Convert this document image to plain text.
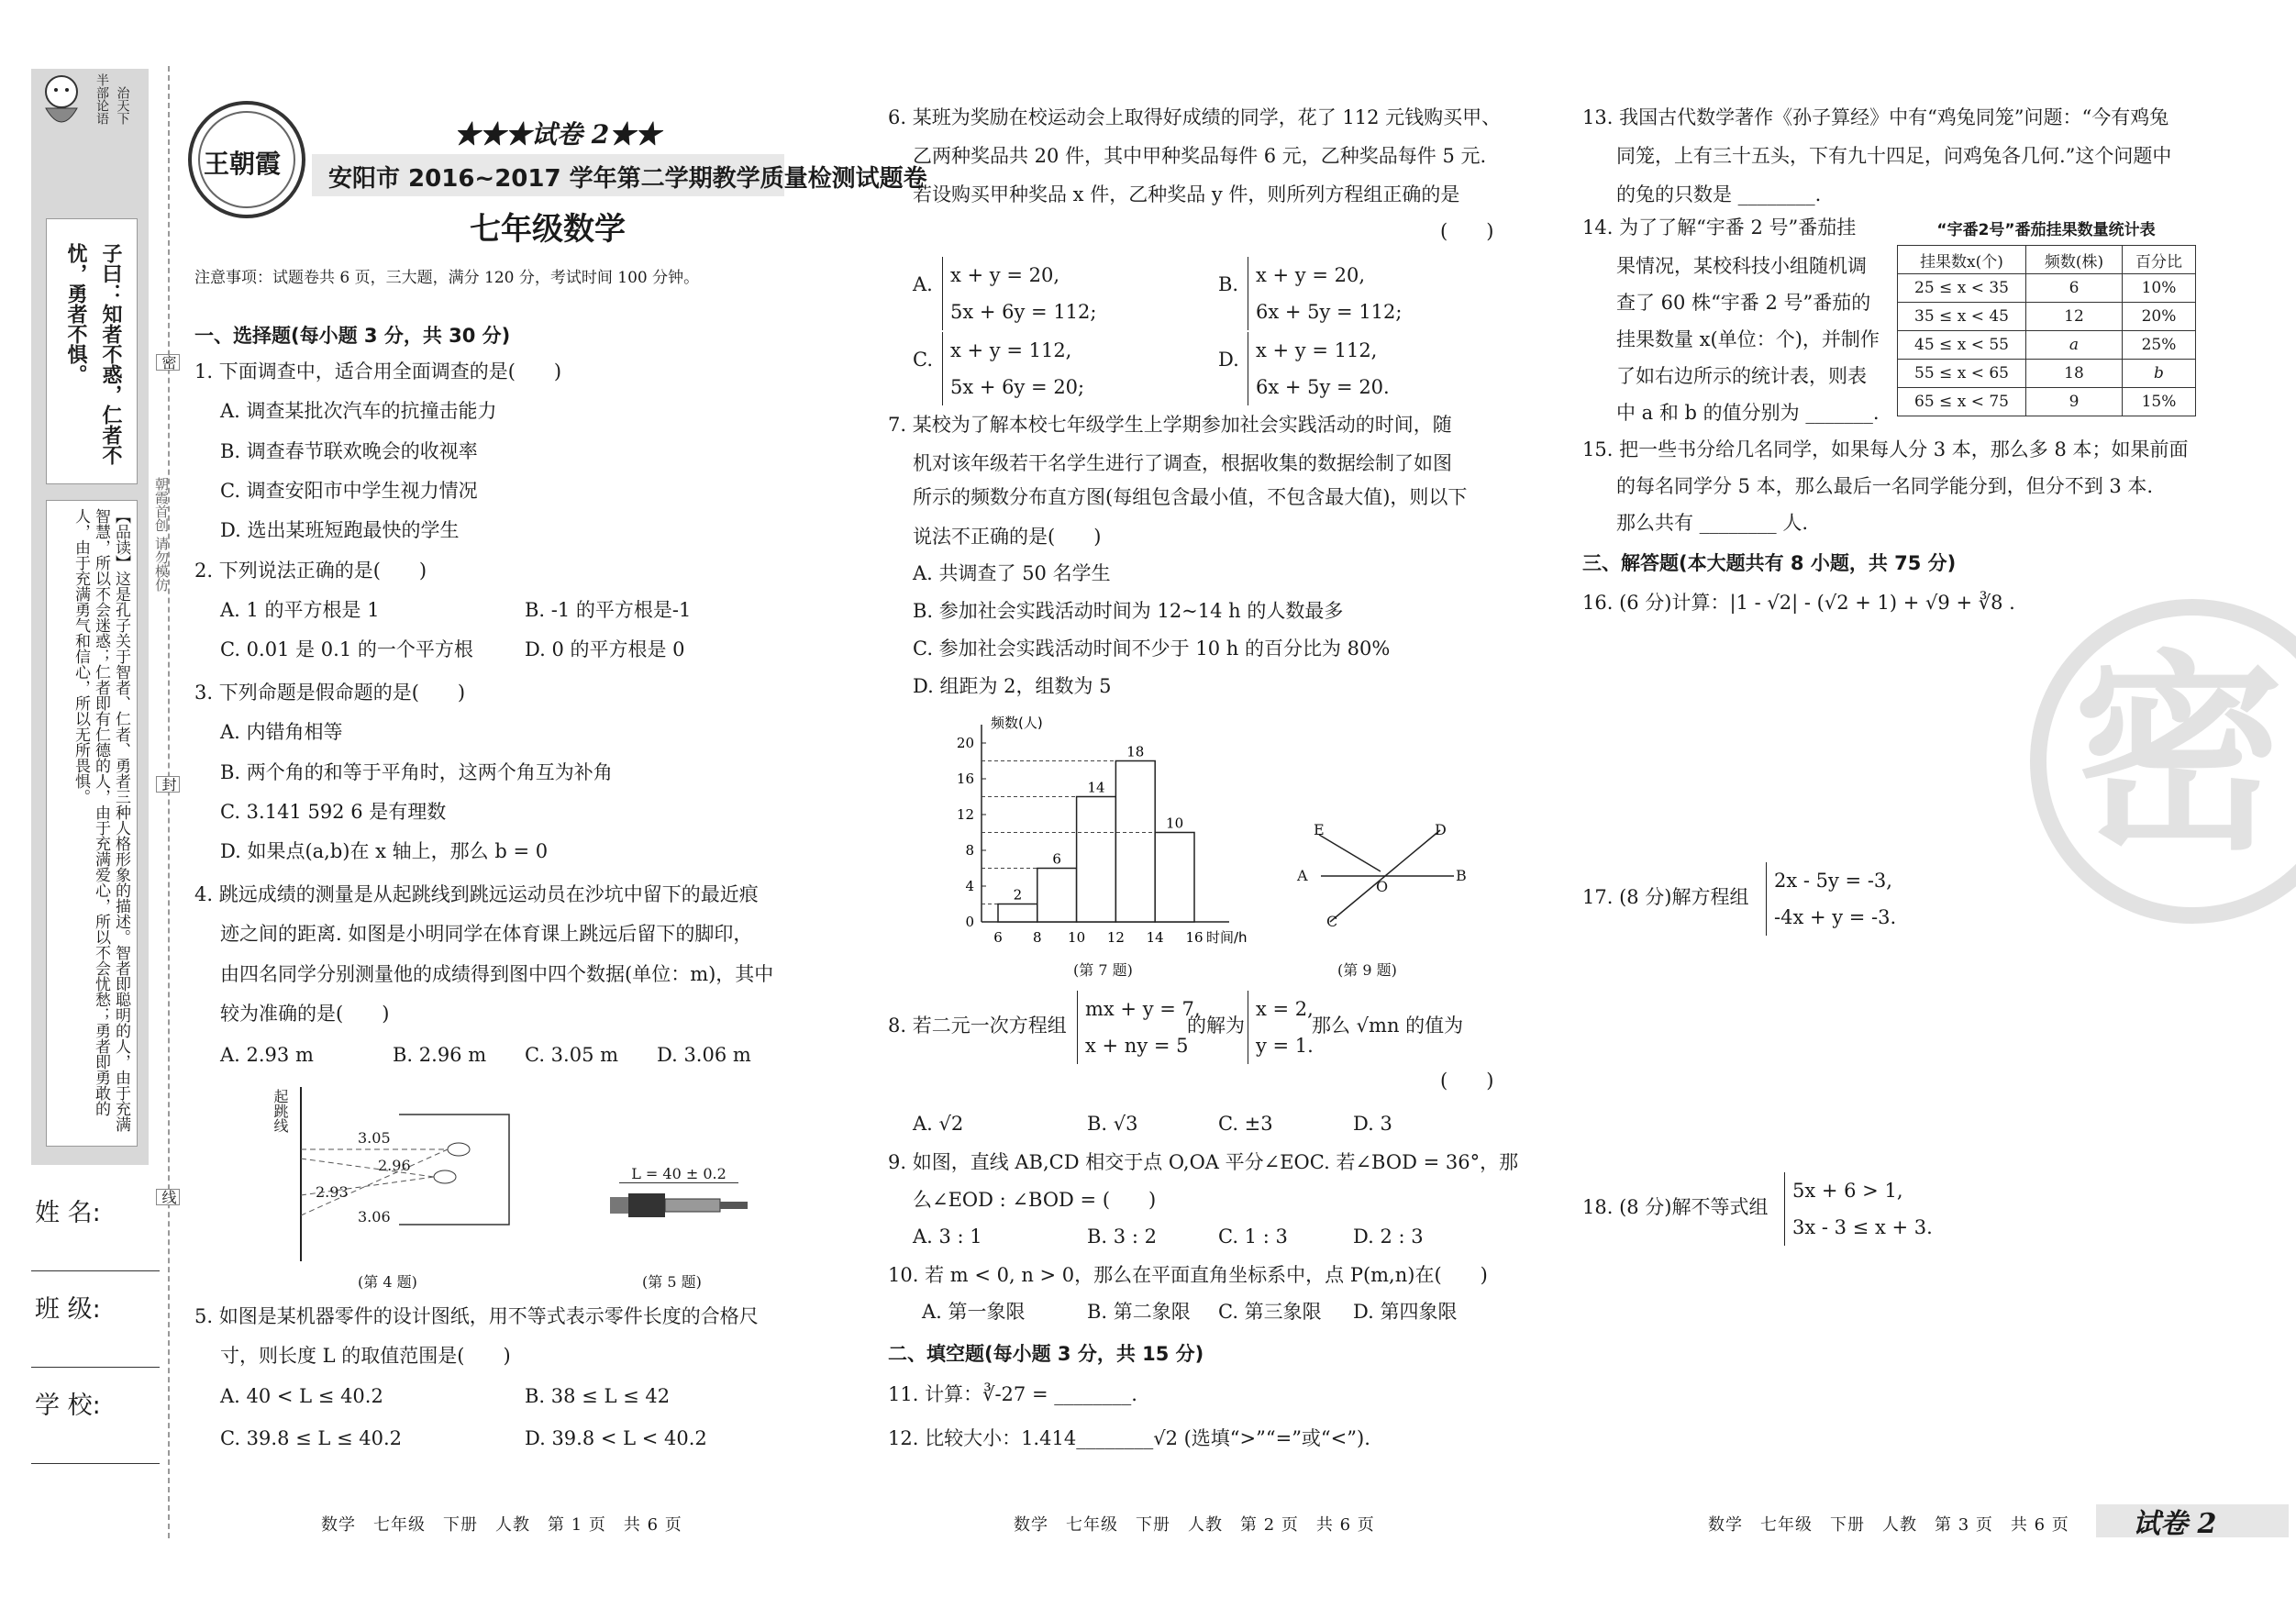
半部论语 治天下
子曰：知者不惑，仁者不
忧，勇者不惧。
【品读】这是孔子关于智者、仁者、勇者三种人格形象的描述。智者即聪明的人，由于充满智慧，所以不会迷惑；仁者即有仁德的人，由于充满爱心，所以不会忧愁；勇者即勇敢的人，由于充满勇气和信心，所以无所畏惧。
姓 名:
班 级:
学 校:
密
封
线
朝霞首创 请勿模仿
王朝霞
★★★试卷 2★★
安阳市 2016~2017 学年第二学期教学质量检测试题卷
七年级数学
注意事项：试题卷共 6 页，三大题，满分 120 分，考试时间 100 分钟。
一、选择题(每小题 3 分，共 30 分)
1. 下面调查中，适合用全面调查的是(　　)
A. 调查某批次汽车的抗撞击能力
B. 调查春节联欢晚会的收视率
C. 调查安阳市中学生视力情况
D. 选出某班短跑最快的学生
2. 下列说法正确的是(　　)
A. 1 的平方根是 1	B. -1 的平方根是-1
C. 0.01 是 0.1 的一个平方根	D. 0 的平方根是 0
3. 下列命题是假命题的是(　　)
A. 内错角相等
B. 两个角的和等于平角时，这两个角互为补角
C. 3.141 592 6 是有理数
D. 如果点(a,b)在 x 轴上，那么 b = 0
4. 跳远成绩的测量是从起跳线到跳远运动员在沙坑中留下的最近痕
迹之间的距离. 如图是小明同学在体育课上跳远后留下的脚印，
由四名同学分别测量他的成绩得到图中四个数据(单位：m)，其中
较为准确的是(　　)
A. 2.93 m	B. 2.96 m C. 3.05 m D. 3.06 m
起跳线
3.05
2.96
2.93
3.06
(第 4 题)
L = 40 ± 0.2
(第 5 题)
5. 如图是某机器零件的设计图纸，用不等式表示零件长度的合格尺
寸，则长度 L 的取值范围是(　　)
A. 40 < L ≤ 40.2	B. 38 ≤ L ≤ 42
C. 39.8 ≤ L ≤ 40.2	D. 39.8 < L < 40.2
6. 某班为奖励在校运动会上取得好成绩的同学，花了 112 元钱购买甲、
乙两种奖品共 20 件，其中甲种奖品每件 6 元，乙种奖品每件 5 元.
若设购买甲种奖品 x 件，乙种奖品 y 件，则所列方程组正确的是
(　　)
A. x + y = 20,
5x + 6y = 112;
B. x + y = 20,
6x + 5y = 112;
C. x + y = 112,
5x + 6y = 20;
D. x + y = 112,
6x + 5y = 20.
7. 某校为了解本校七年级学生上学期参加社会实践活动的时间，随
机对该年级若干名学生进行了调查，根据收集的数据绘制了如图
所示的频数分布直方图(每组包含最小值，不包含最大值)，则以下
说法不正确的是(　　)
A. 共调查了 50 名学生
B. 参加社会实践活动时间为 12~14 h 的人数最多
C. 参加社会实践活动时间不少于 10 h 的百分比为 80%
D. 组距为 2，组数为 5
0
4
8
12
16
20
6 8 10 12 14 16
2
6
14
18
10
频数(人)
时间/h
(第 7 题)
E	D
A
O
B
C
(第 9 题)
8. 若二元一次方程组
mx + y = 7,
x + ny = 5
的解为
x = 2,
y = 1.
那么 √mn 的值为
(　　)
A. √2	B. √3	C. ±3	D. 3
9. 如图，直线 AB,CD 相交于点 O,OA 平分∠EOC. 若∠BOD = 36°，那
么∠EOD : ∠BOD = (　　)
A. 3 : 1	B. 3 : 2	C. 1 : 3	D. 2 : 3
10. 若 m < 0, n > 0，那么在平面直角坐标系中，点 P(m,n)在(　　)
A. 第一象限	B. 第二象限 C. 第三象限 D. 第四象限
二、填空题(每小题 3 分，共 15 分)
11. 计算：∛-27 = ________.
12. 比较大小：1.414________√2 (选填“>”“=”或“<”).
13. 我国古代数学著作《孙子算经》中有“鸡兔同笼”问题：“今有鸡兔
同笼，上有三十五头，下有九十四足，问鸡兔各几何.”这个问题中
的兔的只数是 ________.
14. 为了了解“宇番 2 号”番茄挂
果情况，某校科技小组随机调
查了 60 株“宇番 2 号”番茄的
挂果数量 x(单位：个)，并制作
了如右边所示的统计表，则表
中 a 和 b 的值分别为 _______.
“宇番2号”番茄挂果数量统计表
挂果数x(个)	频数(株)	百分比
25 ≤ x < 35	6	10%
35 ≤ x < 45	12	20%
45 ≤ x < 55	a	25%
55 ≤ x < 65	18	b
65 ≤ x < 75	9	15%
15. 把一些书分给几名同学，如果每人分 3 本，那么多 8 本；如果前面
的每名同学分 5 本，那么最后一名同学能分到，但分不到 3 本.
那么共有 ________ 人.
三、解答题(本大题共有 8 小题，共 75 分)
16. (6 分)计算：|1 - √2| - (√2 + 1) + √9 + ∛8 .
密
17. (8 分)解方程组
2x - 5y = -3,
-4x + y = -3.
18. (8 分)解不等式组
5x + 6 > 1,
3x - 3 ≤ x + 3.
数学　七年级　下册　人教　第 1 页　共 6 页	数学　七年级　下册　人教　第 2 页　共 6 页	数学　七年级　下册　人教　第 3 页　共 6 页 试卷 2
